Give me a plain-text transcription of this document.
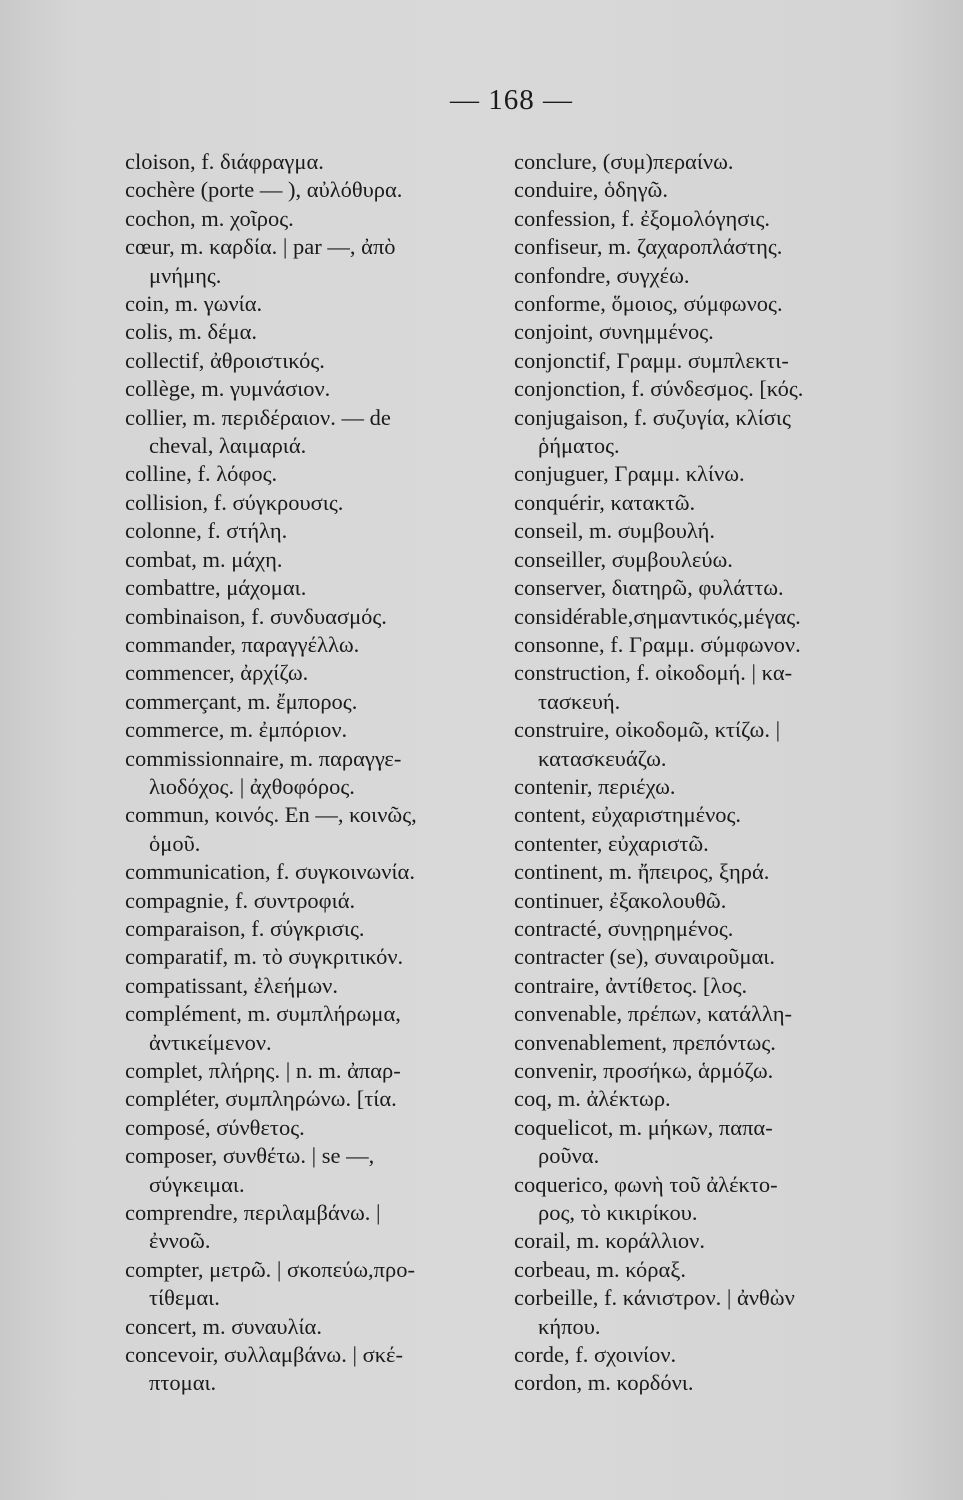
— 168 —
cloison, f. διάφραγμα.
cochère (porte — ), αὐλόθυρα.
cochon, m. χοῖρος.
cœur, m. καρδία. | par —, ἀπὸ
μνήμης.
coin, m. γωνία.
colis, m. δέμα.
collectif, ἀθροιστικός.
collège, m. γυμνάσιον.
collier, m. περιδέραιον. — de
cheval, λαιμαριά.
colline, f. λόφος.
collision, f. σύγκρουσις.
colonne, f. στήλη.
combat, m. μάχη.
combattre, μάχομαι.
combinaison, f. συνδυασμός.
commander, παραγγέλλω.
commencer, ἀρχίζω.
commerçant, m. ἔμπορος.
commerce, m. ἐμπόριον.
commissionnaire, m. παραγγε-
λιοδόχος. | ἀχθοφόρος.
commun, κοινός. En —, κοινῶς,
ὁμοῦ.
communication, f. συγκοινωνία.
compagnie, f. συντροφιά.
comparaison, f. σύγκρισις.
comparatif, m. τὸ συγκριτικόν.
compatissant, ἐλεήμων.
complément, m. συμπλήρωμα,
ἀντικείμενον.
complet, πλήρης. | n. m. ἀπαρ-
compléter, συμπληρώνω. [τία.
composé, σύνθετος.
composer, συνθέτω. | se —,
σύγκειμαι.
comprendre, περιλαμβάνω. |
ἐννοῶ.
compter, μετρῶ. | σκοπεύω,προ-
τίθεμαι.
concert, m. συναυλία.
concevoir, συλλαμβάνω. | σκέ-
πτομαι.
conclure, (συμ)περαίνω.
conduire, ὁδηγῶ.
confession, f. ἐξομολόγησις.
confiseur, m. ζαχαροπλάστης.
confondre, συγχέω.
conforme, ὅμοιος, σύμφωνος.
conjoint, συνημμένος.
conjonctif, Γραμμ. συμπλεκτι-
conjonction, f. σύνδεσμος. [κός.
conjugaison, f. συζυγία, κλίσις
ῥήματος.
conjuguer, Γραμμ. κλίνω.
conquérir, κατακτῶ.
conseil, m. συμβουλή.
conseiller, συμβουλεύω.
conserver, διατηρῶ, φυλάττω.
considérable,σημαντικός,μέγας.
consonne, f. Γραμμ. σύμφωνον.
construction, f. οἰκοδομή. | κα-
τασκευή.
construire, οἰκοδομῶ, κτίζω. |
κατασκευάζω.
contenir, περιέχω.
content, εὐχαριστημένος.
contenter, εὐχαριστῶ.
continent, m. ἤπειρος, ξηρά.
continuer, ἐξακολουθῶ.
contracté, συνῃρημένος.
contracter (se), συναιροῦμαι.
contraire, ἀντίθετος. [λος.
convenable, πρέπων, κατάλλη-
convenablement, πρεπόντως.
convenir, προσήκω, ἁρμόζω.
coq, m. ἀλέκτωρ.
coquelicot, m. μήκων, παπα-
ροῦνα.
coquerico, φωνὴ τοῦ ἀλέκτο-
ρος, τὸ κικιρίκου.
corail, m. κοράλλιον.
corbeau, m. κόραξ.
corbeille, f. κάνιστρον. | ἀνθὼν
κήπου.
corde, f. σχοινίον.
cordon, m. κορδόνι.
